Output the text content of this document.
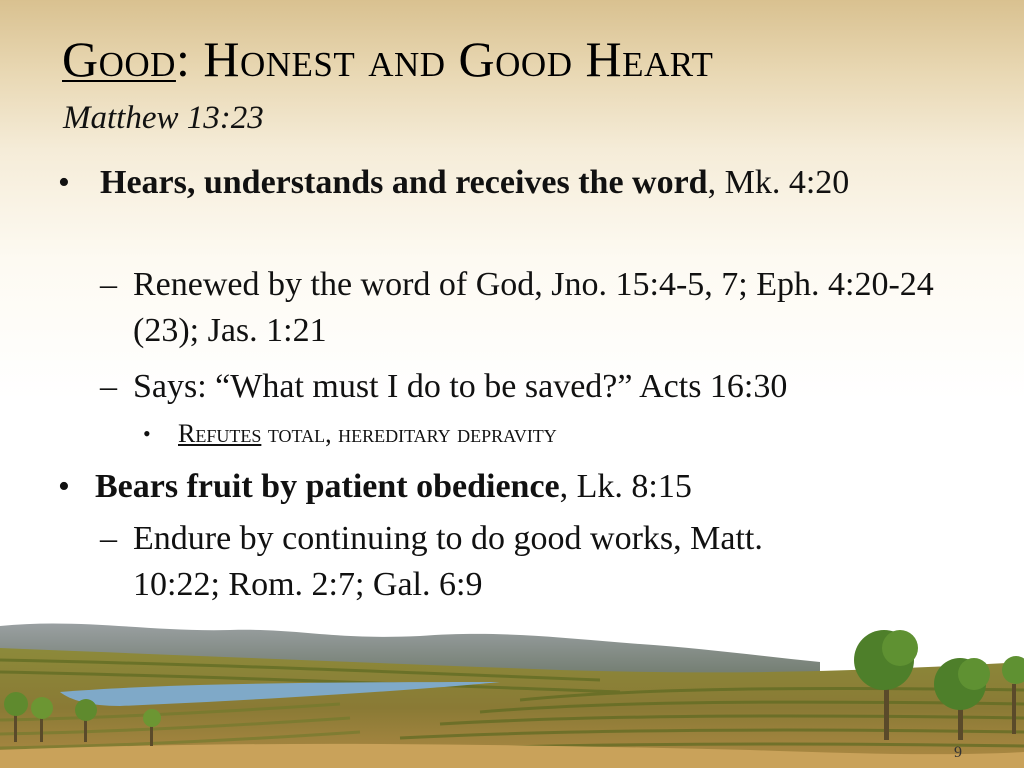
Good: Honest and Good Heart

Matthew 13:23

• Hears, understands and receives the word, Mk. 4:20
– Renewed by the word of God, Jno. 15:4-5, 7; Eph. 4:20-24 (23); Jas. 1:21
– Says: “What must I do to be saved?” Acts 16:30
• Refutes total, hereditary depravity
• Bears fruit by patient obedience, Lk. 8:15
– Endure by continuing to do good works, Matt. 10:22; Rom. 2:7; Gal. 6:9
9
